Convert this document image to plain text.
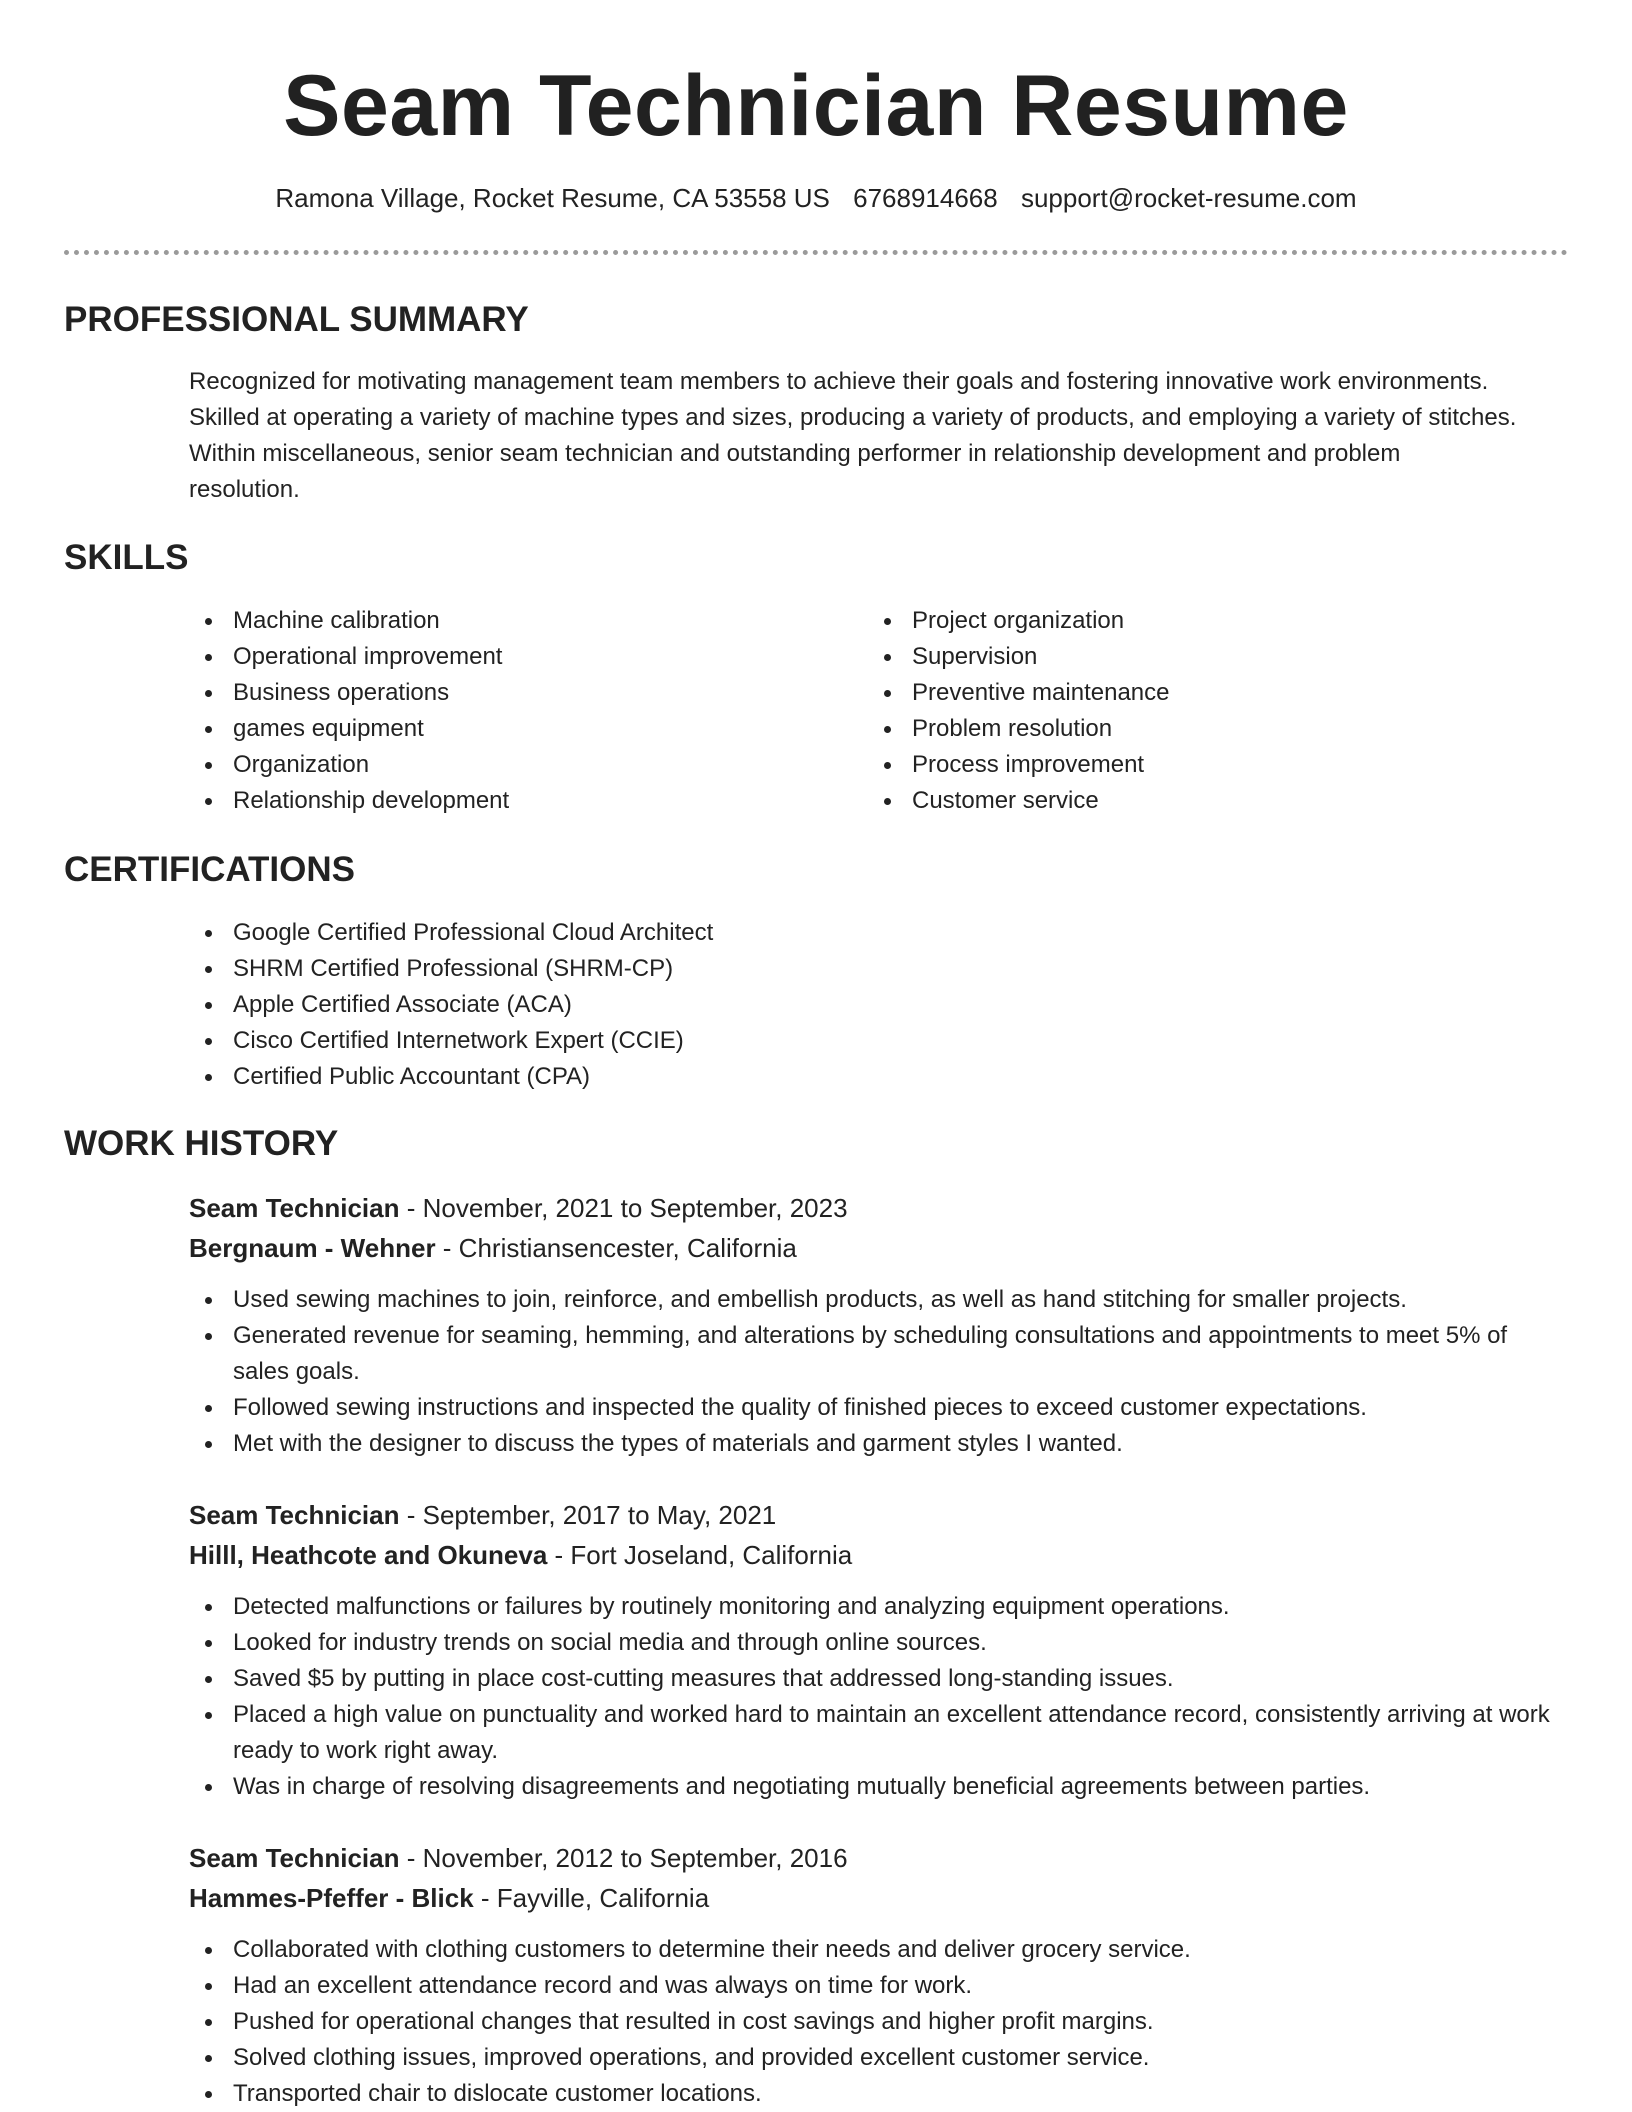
Seam Technician Resume
Ramona Village, Rocket Resume, CA 53558 US 6768914668 support@rocket-resume.com
PROFESSIONAL SUMMARY

Recognized for motivating management team members to achieve their goals and fostering innovative work environments.

Skilled at operating a variety of machine types and sizes, producing a variety of products, and employing a variety of stitches.

Within miscellaneous, senior seam technician and outstanding performer in relationship development and problem

resolution.

SKILLS
Machine calibration
Operational improvement
Business operations
games equipment
Organization
Relationship development
Project organization
Supervision
Preventive maintenance
Problem resolution
Process improvement
Customer service
CERTIFICATIONS
Google Certified Professional Cloud Architect
SHRM Certified Professional (SHRM-CP)
Apple Certified Associate (ACA)
Cisco Certified Internetwork Expert (CCIE)
Certified Public Accountant (CPA)
WORK HISTORY
Seam Technician - November, 2021 to September, 2023
Bergnaum - Wehner - Christiansencester, California
Used sewing machines to join, reinforce, and embellish products, as well as hand stitching for smaller projects.
Generated revenue for seaming, hemming, and alterations by scheduling consultations and appointments to meet 5% of sales goals.
Followed sewing instructions and inspected the quality of finished pieces to exceed customer expectations.
Met with the designer to discuss the types of materials and garment styles I wanted.
Seam Technician - September, 2017 to May, 2021
Hilll, Heathcote and Okuneva - Fort Joseland, California
Detected malfunctions or failures by routinely monitoring and analyzing equipment operations.
Looked for industry trends on social media and through online sources.
Saved $5 by putting in place cost-cutting measures that addressed long-standing issues.
Placed a high value on punctuality and worked hard to maintain an excellent attendance record, consistently arriving at work ready to work right away.
Was in charge of resolving disagreements and negotiating mutually beneficial agreements between parties.
Seam Technician - November, 2012 to September, 2016
Hammes-Pfeffer - Blick - Fayville, California
Collaborated with clothing customers to determine their needs and deliver grocery service.
Had an excellent attendance record and was always on time for work.
Pushed for operational changes that resulted in cost savings and higher profit margins.
Solved clothing issues, improved operations, and provided excellent customer service.
Transported chair to dislocate customer locations.
